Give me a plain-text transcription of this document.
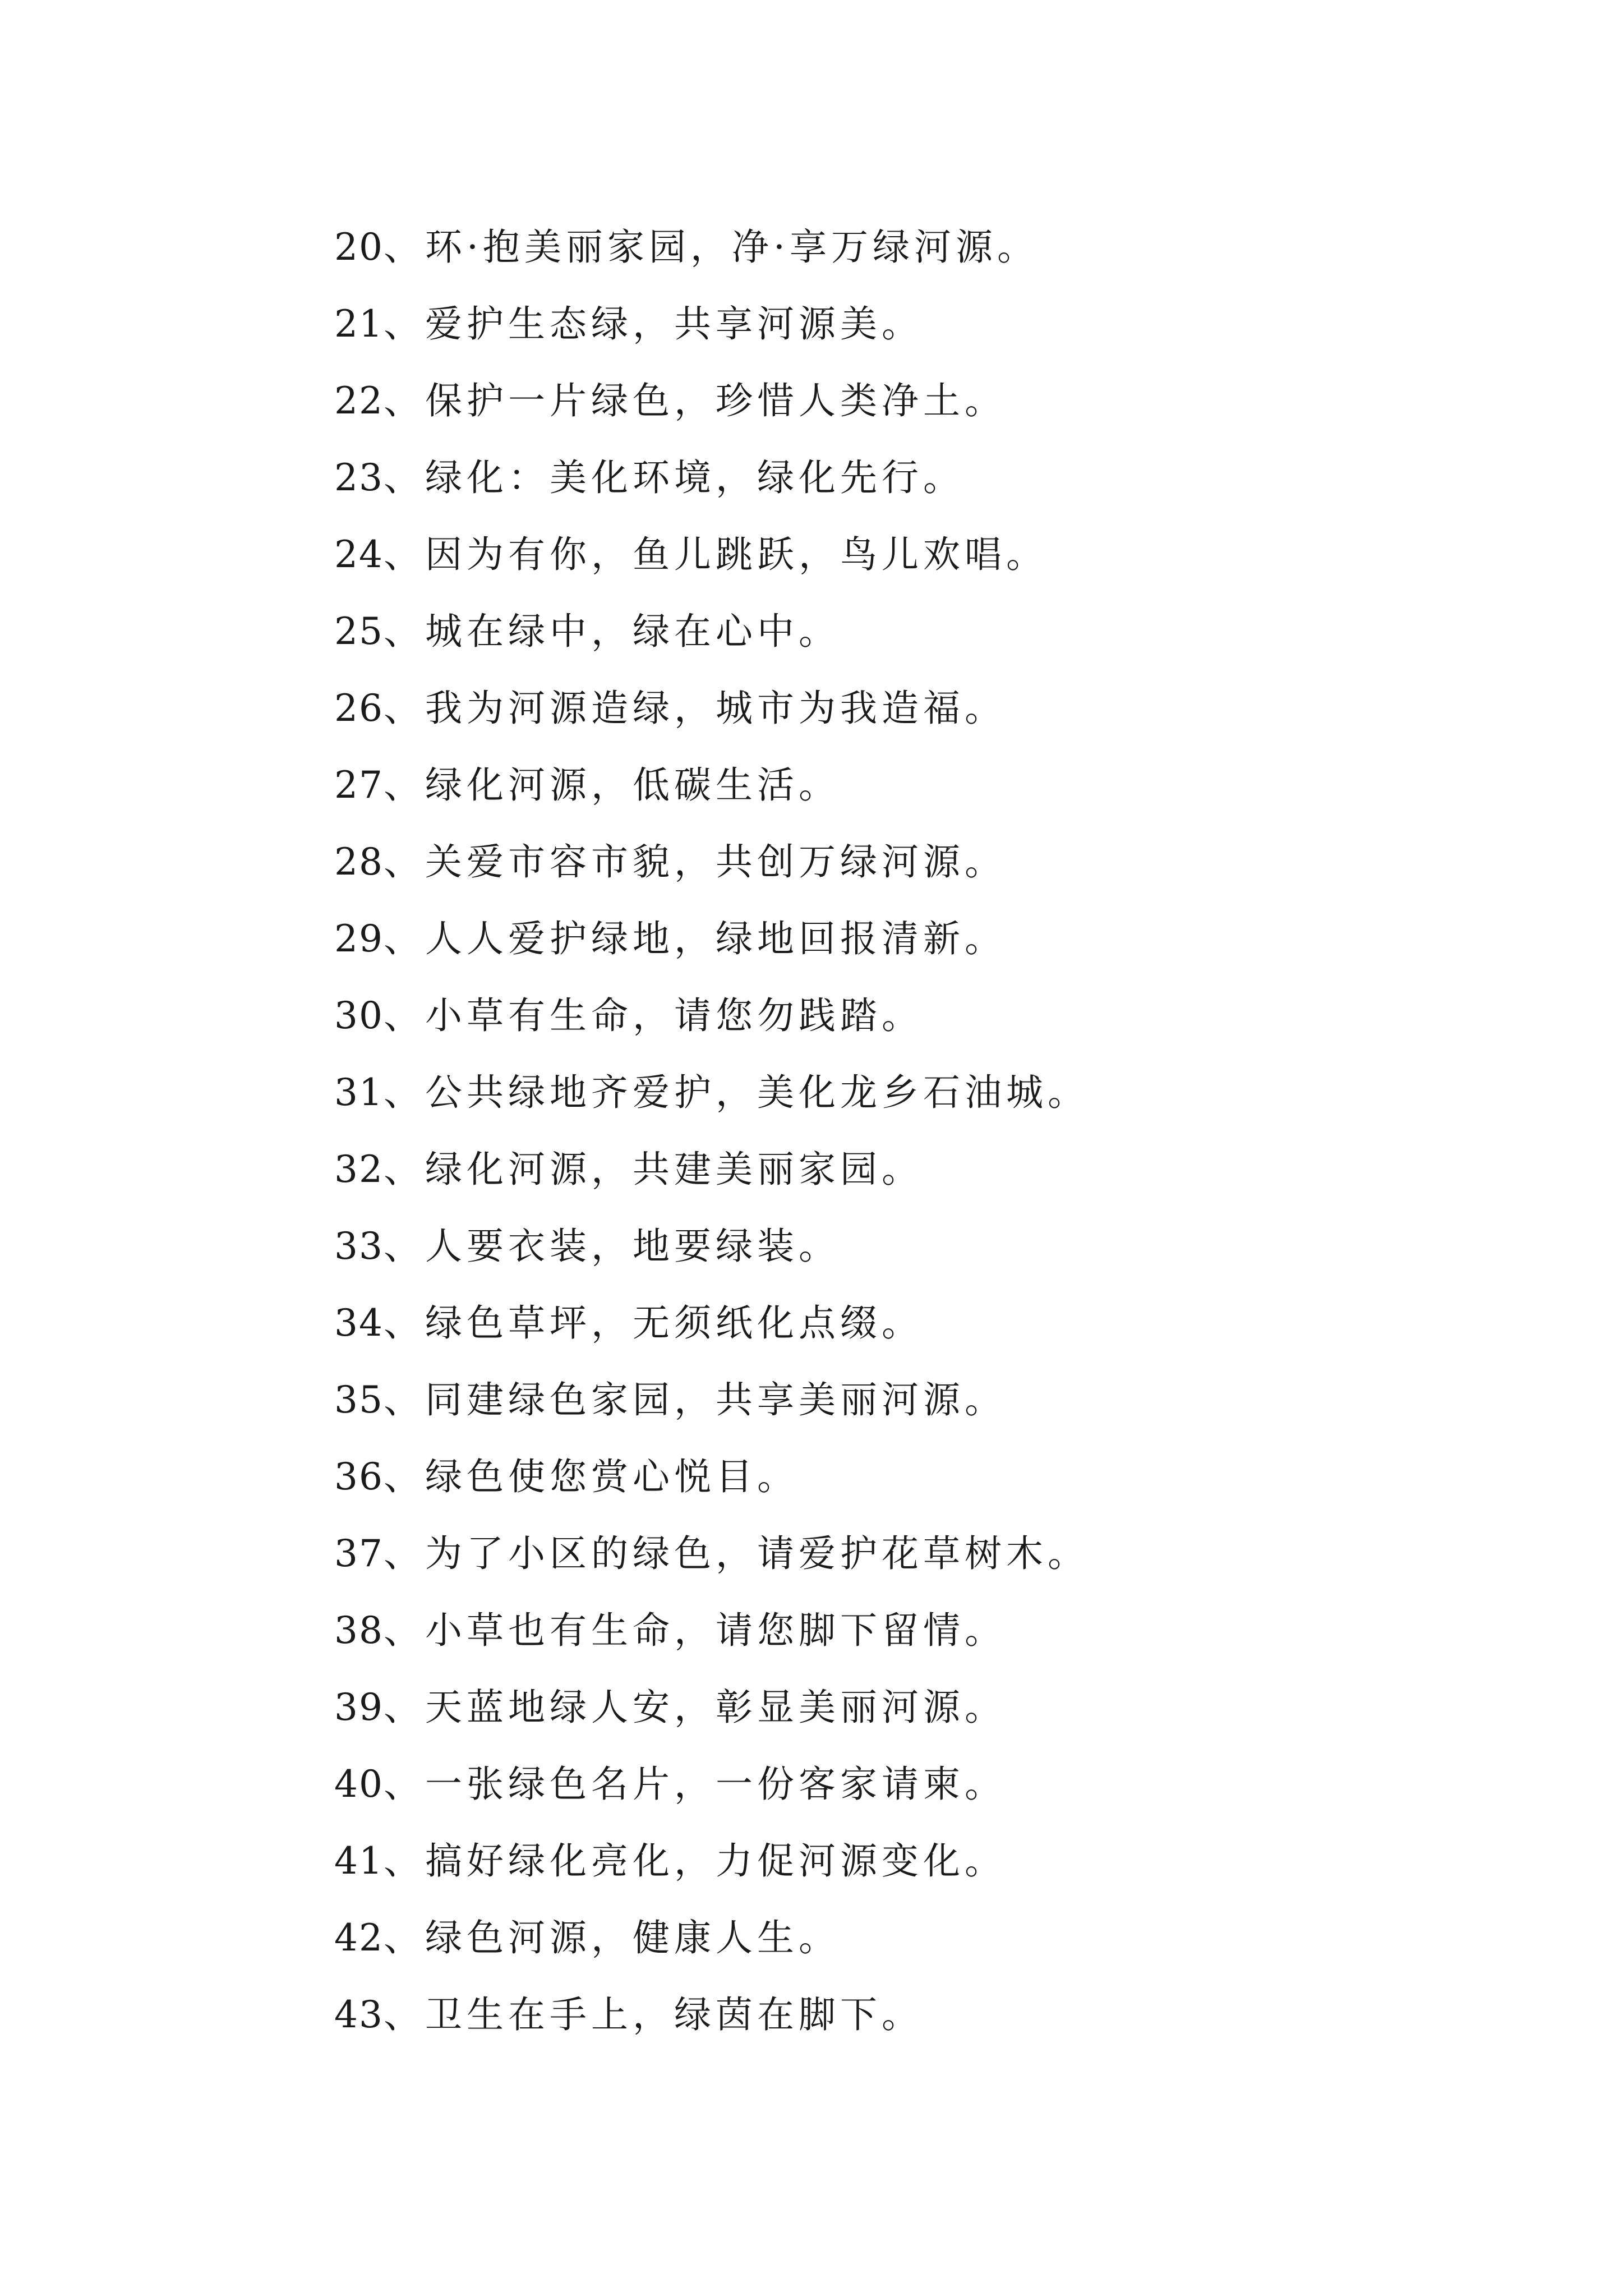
20、环·抱美丽家园，净·享万绿河源。
21、爱护生态绿，共享河源美。
22、保护一片绿色，珍惜人类净土。
23、绿化：美化环境，绿化先行。
24、因为有你，鱼儿跳跃，鸟儿欢唱。
25、城在绿中，绿在心中。
26、我为河源造绿，城市为我造福。
27、绿化河源，低碳生活。
28、关爱市容市貌，共创万绿河源。
29、人人爱护绿地，绿地回报清新。
30、小草有生命，请您勿践踏。
31、公共绿地齐爱护，美化龙乡石油城。
32、绿化河源，共建美丽家园。
33、人要衣装，地要绿装。
34、绿色草坪，无须纸化点缀。
35、同建绿色家园，共享美丽河源。
36、绿色使您赏心悦目。
37、为了小区的绿色，请爱护花草树木。
38、小草也有生命，请您脚下留情。
39、天蓝地绿人安，彰显美丽河源。
40、一张绿色名片，一份客家请柬。
41、搞好绿化亮化，力促河源变化。
42、绿色河源，健康人生。
43、卫生在手上，绿茵在脚下。
